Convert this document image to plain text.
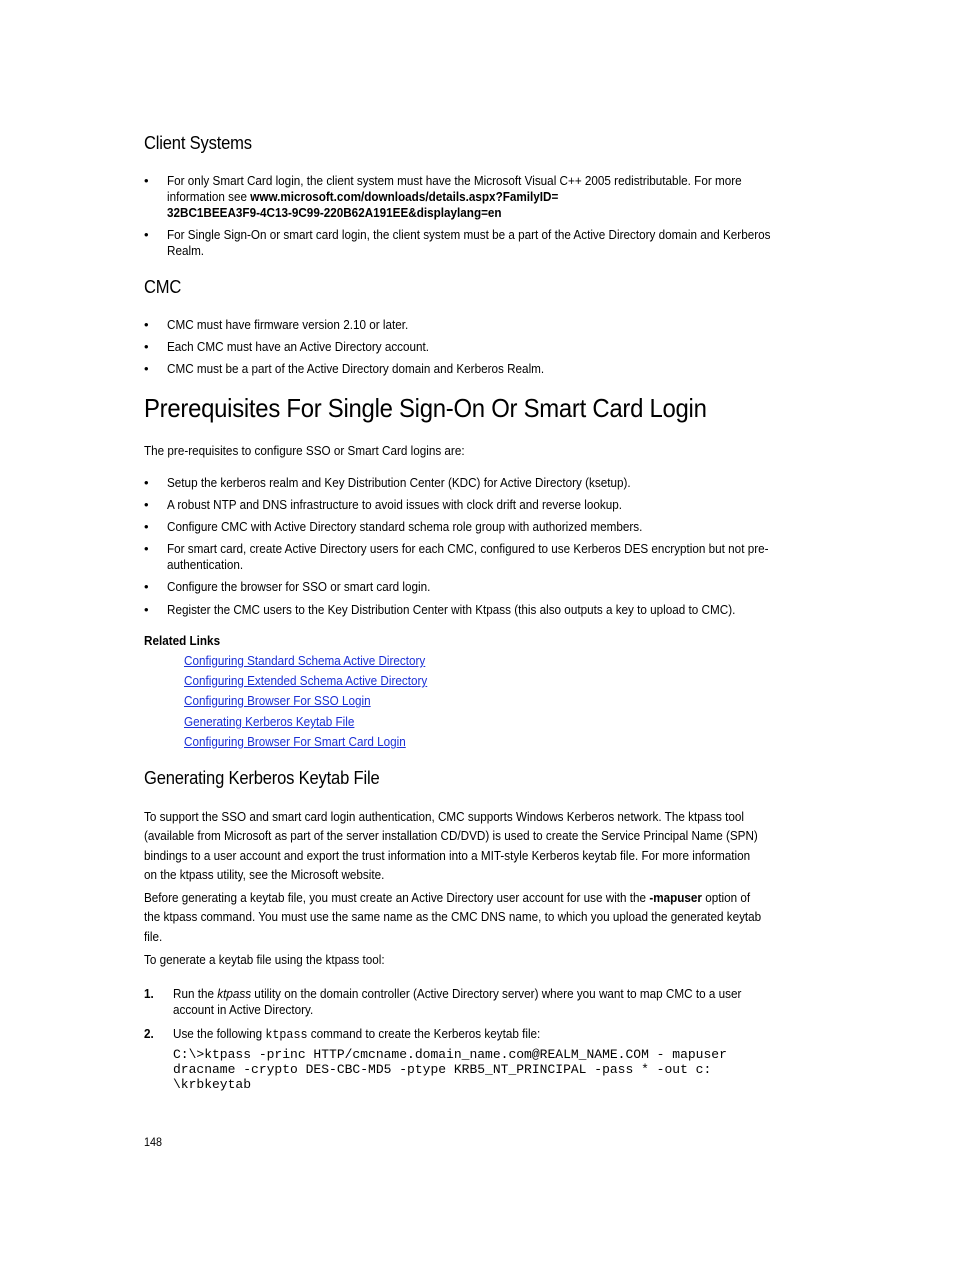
Client Systems
• For only Smart Card login, the client system must have the Microsoft Visual C++ 2005 redistributable. For more
information see www.microsoft.com/downloads/details.aspx?FamilyID=
32BC1BEEA3F9-4C13-9C99-220B62A191EE&displaylang=en
• For Single Sign-On or smart card login, the client system must be a part of the Active Directory domain and Kerberos
Realm.
CMC
• CMC must have firmware version 2.10 or later.
• Each CMC must have an Active Directory account.
• CMC must be a part of the Active Directory domain and Kerberos Realm.
Prerequisites For Single Sign-On Or Smart Card Login
The pre-requisites to configure SSO or Smart Card logins are:
• Setup the kerberos realm and Key Distribution Center (KDC) for Active Directory (ksetup).
• A robust NTP and DNS infrastructure to avoid issues with clock drift and reverse lookup.
• Configure CMC with Active Directory standard schema role group with authorized members.
• For smart card, create Active Directory users for each CMC, configured to use Kerberos DES encryption but not pre-
authentication.
• Configure the browser for SSO or smart card login.
• Register the CMC users to the Key Distribution Center with Ktpass (this also outputs a key to upload to CMC).
Related Links
Configuring Standard Schema Active Directory
Configuring Extended Schema Active Directory
Configuring Browser For SSO Login
Generating Kerberos Keytab File
Configuring Browser For Smart Card Login
Generating Kerberos Keytab File
To support the SSO and smart card login authentication, CMC supports Windows Kerberos network. The ktpass tool
(available from Microsoft as part of the server installation CD/DVD) is used to create the Service Principal Name (SPN)
bindings to a user account and export the trust information into a MIT-style Kerberos keytab file. For more information
on the ktpass utility, see the Microsoft website.
Before generating a keytab file, you must create an Active Directory user account for use with the -mapuser option of
the ktpass command. You must use the same name as the CMC DNS name, to which you upload the generated keytab
file.
To generate a keytab file using the ktpass tool:
1. Run the ktpass utility on the domain controller (Active Directory server) where you want to map CMC to a user
account in Active Directory.
2. Use the following ktpass command to create the Kerberos keytab file:
C:\>ktpass -princ HTTP/cmcname.domain_name.com@REALM_NAME.COM - mapuser
dracname -crypto DES-CBC-MD5 -ptype KRB5_NT_PRINCIPAL -pass * -out c:
\krbkeytab
148
